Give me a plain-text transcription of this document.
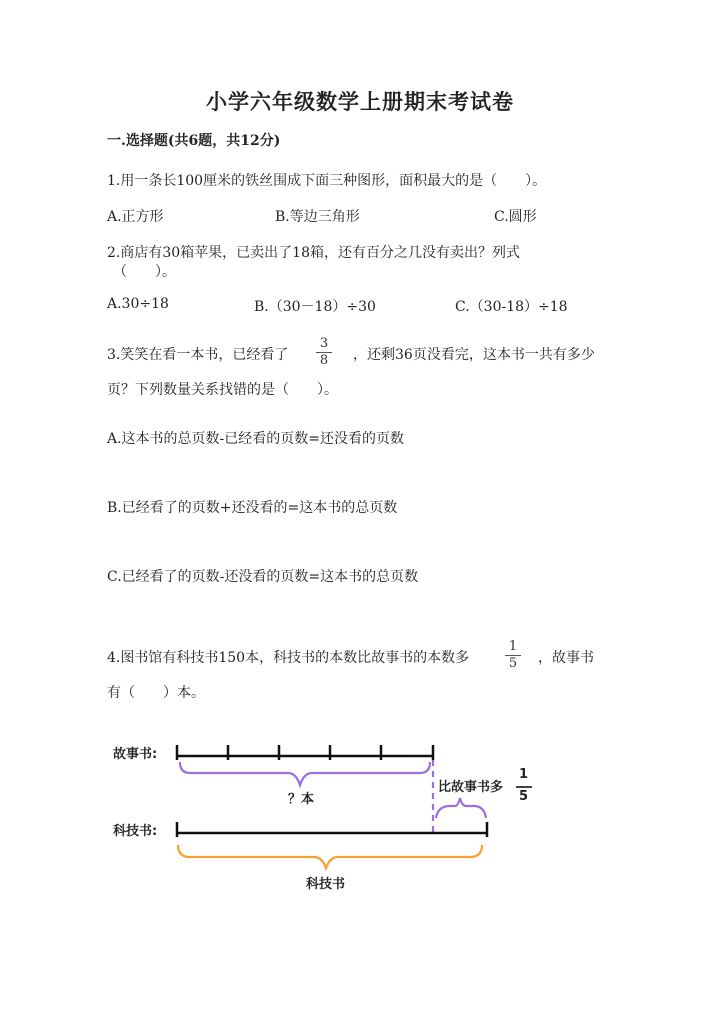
小学六年级数学上册期末考试卷
一.选择题(共6题，共12分)
1.用一条长100厘米的铁丝围成下面三种图形，面积最大的是（　　）。
A.正方形	B.等边三角形	C.圆形
2.商店有30箱苹果，已卖出了18箱，还有百分之几没有卖出？列式
（　　）。
A.30÷18	B.（30－18）÷30	C.（30-18）÷18
3.笑笑在看一本书，已经看了
3
8 ，还剩36页没看完，这本书一共有多少
页？下列数量关系找错的是（　　）。
A.这本书的总页数-已经看的页数=还没看的页数
B.已经看了的页数+还没看的=这本书的总页数
C.已经看了的页数-还没看的页数=这本书的总页数
4.图书馆有科技书150本，科技书的本数比故事书的本数多
1
5 ，故事书
有（　　）本。
故事书:
？本
比故事书多
1
5
科技书:
科技书
